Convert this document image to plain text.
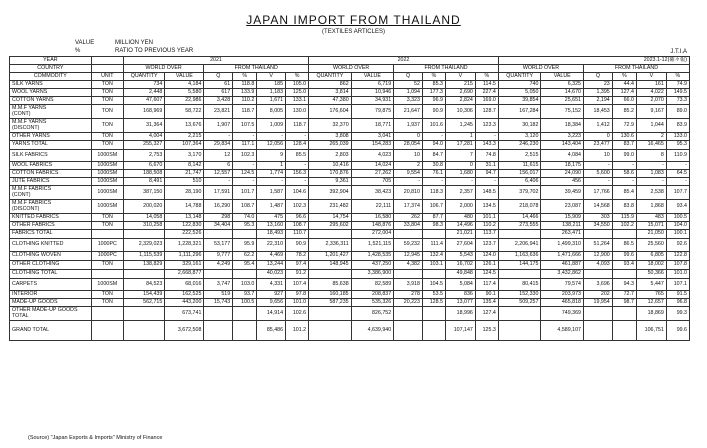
JAPAN IMPORT FROM THAILAND
(TEXTILES ARTICLES)
VALUE	MILLION YEN
%	RATIO TO PREVIOUS YEAR	J.T.I.A
YEAR		2021						2022						2023.1-12(確々報)					
COUNTRY		WORLD OVER		FROM THAILAND				WORLD OVER		FROM THAILAND				WORLD OVER		FROM THAILAND			
COMMODITY	UNIT	QUANTITY	VALUE	Q	%	V	%	QUANTITY	VALUE	Q	%	V	%	QUANTITY	VALUE	Q	%	V	%
SILK YARNS	TON	734	4,184	61	118.8	185	105.0	862	6,719	52	85.3	215	114.5	740	6,325	23	44.4	161	74.9
WOOL YARNS	TON	2,448	5,580	617	133.9	1,183	125.0	3,814	10,946	1,094	177.3	2,690	227.4	5,050	14,670	1,395	127.4	4,022	149.5
COTTON YARNS	TON	47,607	22,986	3,428	110.2	1,671	133.1	47,380	34,931	3,323	96.9	2,824	169.0	39,854	25,651	2,194	66.0	2,070	73.3
M.M.F YARNS
(CONT)	TON	168,969	58,722	23,821	118.7	8,005	130.0	176,604	79,875	21,647	90.9	10,306	128.7	167,284	75,152	18,453	85.2	9,167	89.0
M.M.F YARNS
(DISCONT)	TON	31,364	13,676	1,907	107.5	1,009	118.7	32,370	18,771	1,937	101.6	1,245	123.3	30,182	18,384	1,412	72.9	1,044	83.9
OTHER YARNS	TON	4,004	2,215	-	-	-	-	3,808	3,041	0	-	1	-	3,120	3,223	0	130.6	2	133.0
YARNS TOTAL	TON	255,327	107,364	29,834	117.1	12,056	128.4	265,039	154,283	28,054	94.0	17,281	143.3	246,230	143,404	23,477	83.7	16,465	95.3
SILK FABRICS	1000SM	2,753	3,170	12	102.3	9	85.5	2,803	4,023	10	84.7	7	74.8	2,515	4,084	10	99.0	8	110.9
WOOL FABRICS	1000SM	6,670	8,142	6	-	1	-	10,416	14,024	2	30.8	0	31.1	11,615	18,175	-	-	-	-
COTTON FABRICS	1000SM	188,508	21,747	12,557	124.5	1,774	156.3	170,876	27,262	9,554	76.1	1,680	94.7	156,017	24,090	5,600	58.6	1,083	64.5
JUTE FABRICS	1000SM	8,491	510	-	-	-	-	9,361	705	-	-	-	-	6,406	456	-	-	-	-
M.M.F FABRICS
(CONT)	1000SM	387,150	28,190	17,591	101.7	1,587	104.6	392,904	38,423	20,810	118.3	2,357	148.5	379,702	39,459	17,766	85.4	2,538	107.7
M.M.F FABRICS
(DISCONT)	1000SM	200,020	14,788	16,290	108.7	1,487	102.3	231,482	22,111	17,374	106.7	2,000	134.5	218,078	23,087	14,568	83.8	1,868	93.4
KNITTED FABRICS	TON	14,058	13,148	298	74.0	475	96.6	14,754	16,580	262	87.7	480	101.1	14,466	15,909	303	115.9	483	100.5
OTHER FABRICS	TON	310,258	122,830	34,404	95.3	13,160	108.7	295,602	148,876	33,804	98.3	14,496	110.2	273,555	138,211	34,550	102.2	15,071	104.0
FABRICS TOTAL			222,526			18,493	110.7		272,004			21,021	113.7		263,471			21,050	100.1
CLOTHING KNITTED	1000PC	2,329,023	1,228,321	53,177	95.9	22,310	90.9	2,336,311	1,521,115	59,232	111.4	27,604	123.7	2,206,941	1,499,310	51,264	86.5	25,560	92.6
CLOTHING WOVEN	1000PC	1,115,539	1,111,296	9,777	62.2	4,469	78.2	1,201,427	1,428,535	12,945	132.4	5,543	124.0	1,163,636	1,471,666	12,900	99.6	6,805	122.8
OTHER CLOTHING	TON	138,829	329,161	4,249	95.4	13,244	97.4	148,945	437,250	4,382	103.1	16,702	126.1	144,175	461,887	4,093	93.4	18,002	107.8
CLOTHING TOTAL			2,668,877			40,023	91.2		3,386,900			49,848	124.5		3,432,862			50,366	101.0
CARPETS	1000SM	84,523	68,016	3,747	103.0	4,331	107.4	85,638	82,589	3,918	104.5	5,084	117.4	80,415	79,574	3,696	94.3	5,447	107.1
INTERIOR	TON	154,439	162,525	519	93.7	927	97.8	160,185	208,837	278	53.5	836	90.1	152,330	203,973	202	72.7	765	91.5
MADE-UP GOODS	TON	562,715	443,200	15,743	100.5	9,656	101.0	587,235	535,326	20,223	128.5	13,077	135.4	509,257	465,818	19,954	98.7	12,657	96.8
OTHER MADE-UP GOODS
TOTAL			673,741			14,914	102.6		826,752			18,996	127.4		749,369			18,869	99.3
GRAND TOTAL			3,672,508			85,486	101.2		4,639,940			107,147	125.3		4,589,107			106,751	99.6
(Source) "Japan Exports & Imports" Ministry of Finance
